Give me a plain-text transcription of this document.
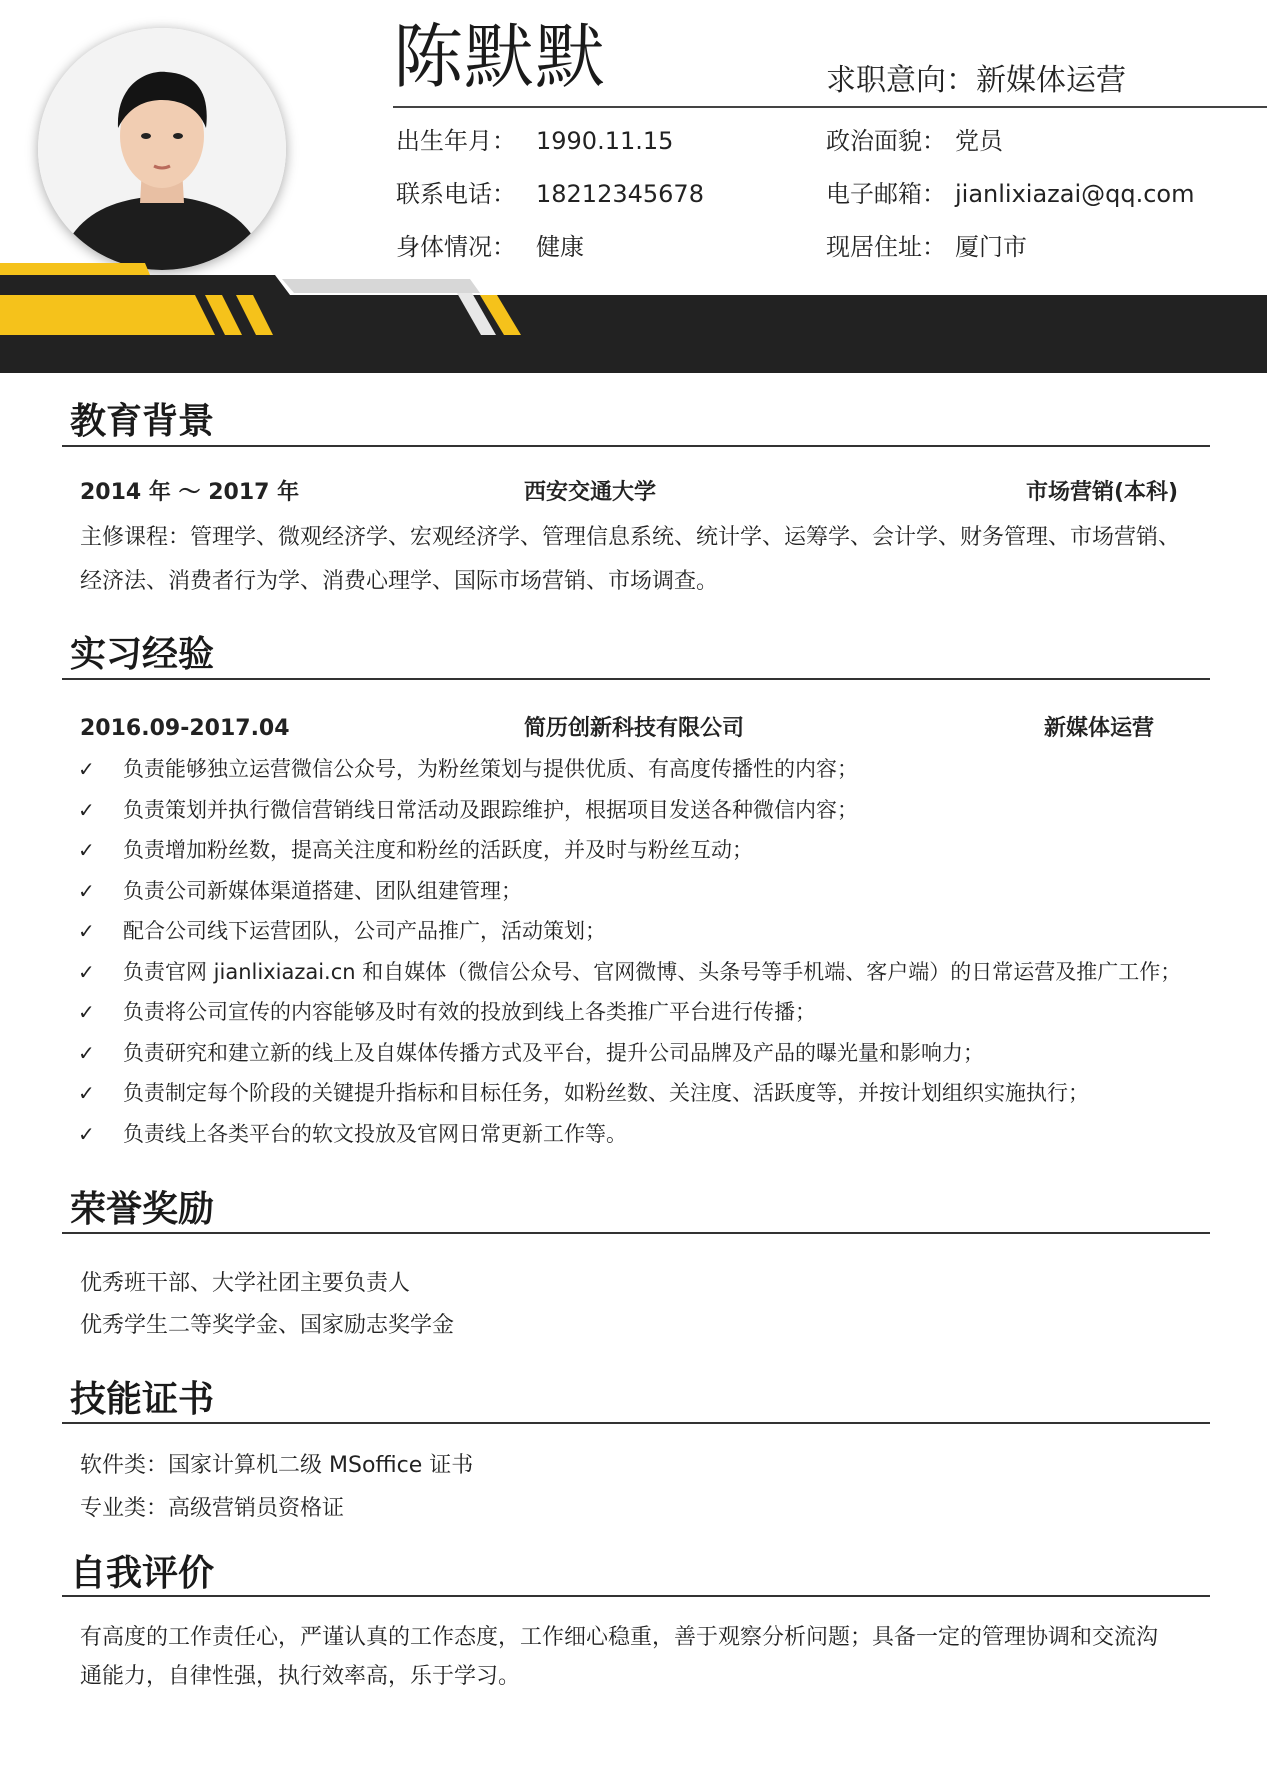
陈默默	求职意向：新媒体运营
出生年月： 1990.11.15	政治面貌： 党员
联系电话： 18212345678	电子邮箱： jianlixiazai@qq.com
身体情况： 健康	现居住址： 厦门市
教育背景
2014 年 ～ 2017 年	西安交通大学	市场营销(本科)
主修课程：管理学、微观经济学、宏观经济学、管理信息系统、统计学、运筹学、会计学、财务管理、市场营销、
经济法、消费者行为学、消费心理学、国际市场营销、市场调查。
实习经验
2016.09-2017.04	简历创新科技有限公司	新媒体运营
✓ 负责能够独立运营微信公众号，为粉丝策划与提供优质、有高度传播性的内容；
✓ 负责策划并执行微信营销线日常活动及跟踪维护，根据项目发送各种微信内容；
✓ 负责增加粉丝数，提高关注度和粉丝的活跃度，并及时与粉丝互动；
✓ 负责公司新媒体渠道搭建、团队组建管理；
✓ 配合公司线下运营团队，公司产品推广，活动策划；
✓ 负责官网 jianlixiazai.cn 和自媒体（微信公众号、官网微博、头条号等手机端、客户端）的日常运营及推广工作；
✓ 负责将公司宣传的内容能够及时有效的投放到线上各类推广平台进行传播；
✓ 负责研究和建立新的线上及自媒体传播方式及平台，提升公司品牌及产品的曝光量和影响力；
✓ 负责制定每个阶段的关键提升指标和目标任务，如粉丝数、关注度、活跃度等，并按计划组织实施执行；
✓ 负责线上各类平台的软文投放及官网日常更新工作等。
荣誉奖励
优秀班干部、大学社团主要负责人
优秀学生二等奖学金、国家励志奖学金
技能证书
软件类：国家计算机二级 MSoffice 证书
专业类：高级营销员资格证
自我评价
有高度的工作责任心，严谨认真的工作态度，工作细心稳重，善于观察分析问题；具备一定的管理协调和交流沟
通能力，自律性强，执行效率高，乐于学习。
